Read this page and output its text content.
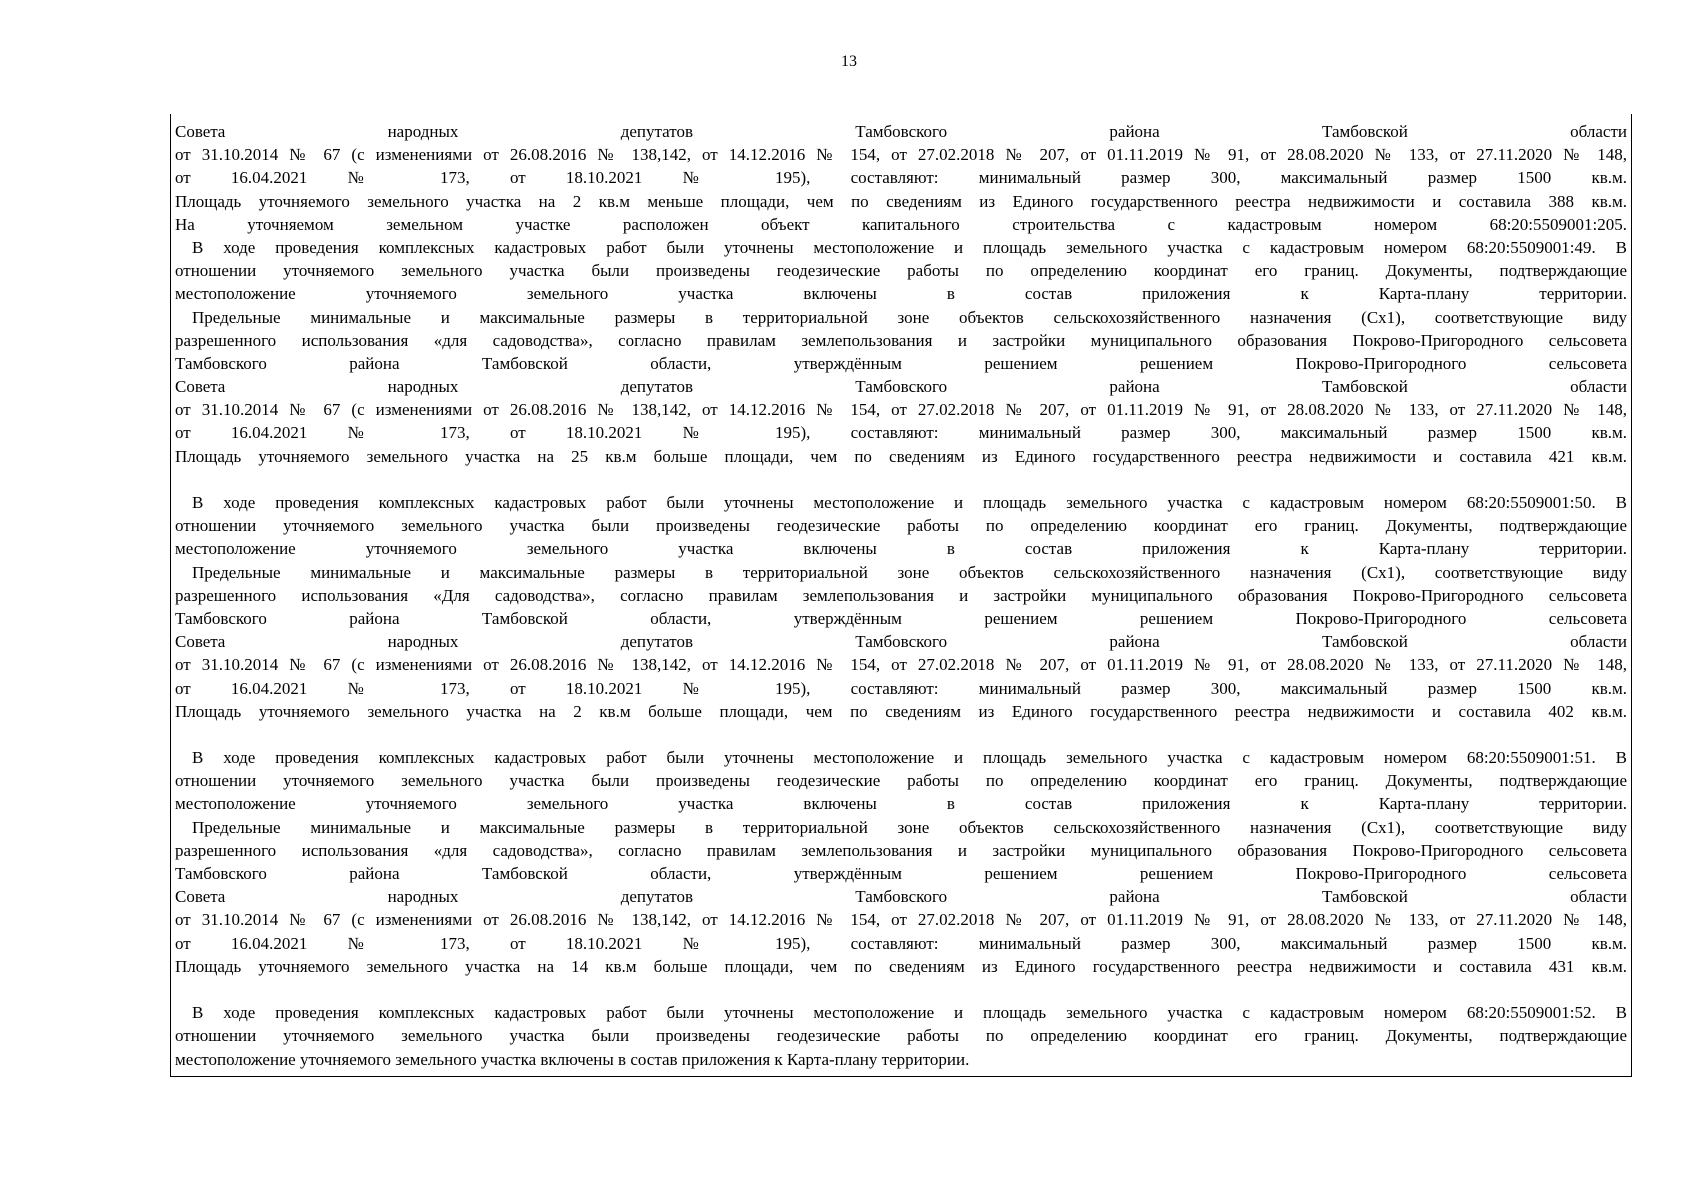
13
Советa народных депутатов Тамбовского района Тамбовской области
от 31.10.2014 № 67 (с изменениями от 26.08.2016 № 138,142, от 14.12.2016 № 154, от 27.02.2018 № 207, от 01.11.2019 № 91, от 28.08.2020 № 133, от 27.11.2020 № 148,
от 16.04.2021 № 173, от 18.10.2021 № 195), составляют: минимальный размер 300, максимальный размер 1500 кв.м.
Площадь уточняемого земельного участка на 2 кв.м меньше площади, чем по сведениям из Единого государственного реестра недвижимости и составила 388 кв.м.
На уточняемом земельном участке расположен объект капитального строительства с кадастровым номером 68:20:5509001:205.
В ходе проведения комплексных кадастровых работ были уточнены местоположение и площадь земельного участка с кадастровым номером 68:20:5509001:49. В
отношении уточняемого земельного участка были произведены геодезические работы по определению координат его границ. Документы, подтверждающие
местоположение уточняемого земельного участка включены в состав приложения к Карта-плану территории.
Предельные минимальные и максимальные размеры в территориальной зоне объектов сельскохозяйственного назначения (Сх1), соответствующие виду
разрешенного использования «для садоводства», согласно правилам землепользования и застройки муниципального образования Покрово-Пригородного сельсовета
Тамбовского района Тамбовской области, утверждённым решением решением Покрово-Пригородного сельсовета
Советa народных депутатов Тамбовского района Тамбовской области
от 31.10.2014 № 67 (с изменениями от 26.08.2016 № 138,142, от 14.12.2016 № 154, от 27.02.2018 № 207, от 01.11.2019 № 91, от 28.08.2020 № 133, от 27.11.2020 № 148,
от 16.04.2021 № 173, от 18.10.2021 № 195), составляют: минимальный размер 300, максимальный размер 1500 кв.м.
Площадь уточняемого земельного участка на 25 кв.м больше площади, чем по сведениям из Единого государственного реестра недвижимости и составила 421 кв.м.
В ходе проведения комплексных кадастровых работ были уточнены местоположение и площадь земельного участка с кадастровым номером 68:20:5509001:50. В
отношении уточняемого земельного участка были произведены геодезические работы по определению координат его границ. Документы, подтверждающие
местоположение уточняемого земельного участка включены в состав приложения к Карта-плану территории.
Предельные минимальные и максимальные размеры в территориальной зоне объектов сельскохозяйственного назначения (Сх1), соответствующие виду
разрешенного использования «Для садоводства», согласно правилам землепользования и застройки муниципального образования Покрово-Пригородного сельсовета
Тамбовского района Тамбовской области, утверждённым решением решением Покрово-Пригородного сельсовета
Советa народных депутатов Тамбовского района Тамбовской области
от 31.10.2014 № 67 (с изменениями от 26.08.2016 № 138,142, от 14.12.2016 № 154, от 27.02.2018 № 207, от 01.11.2019 № 91, от 28.08.2020 № 133, от 27.11.2020 № 148,
от 16.04.2021 № 173, от 18.10.2021 № 195), составляют: минимальный размер 300, максимальный размер 1500 кв.м.
Площадь уточняемого земельного участка на 2 кв.м больше площади, чем по сведениям из Единого государственного реестра недвижимости и составила 402 кв.м.
В ходе проведения комплексных кадастровых работ были уточнены местоположение и площадь земельного участка с кадастровым номером 68:20:5509001:51. В
отношении уточняемого земельного участка были произведены геодезические работы по определению координат его границ. Документы, подтверждающие
местоположение уточняемого земельного участка включены в состав приложения к Карта-плану территории.
Предельные минимальные и максимальные размеры в территориальной зоне объектов сельскохозяйственного назначения (Сх1), соответствующие виду
разрешенного использования «для садоводства», согласно правилам землепользования и застройки муниципального образования Покрово-Пригородного сельсовета
Тамбовского района Тамбовской области, утверждённым решением решением Покрово-Пригородного сельсовета
Советa народных депутатов Тамбовского района Тамбовской области
от 31.10.2014 № 67 (с изменениями от 26.08.2016 № 138,142, от 14.12.2016 № 154, от 27.02.2018 № 207, от 01.11.2019 № 91, от 28.08.2020 № 133, от 27.11.2020 № 148,
от 16.04.2021 № 173, от 18.10.2021 № 195), составляют: минимальный размер 300, максимальный размер 1500 кв.м.
Площадь уточняемого земельного участка на 14 кв.м больше площади, чем по сведениям из Единого государственного реестра недвижимости и составила 431 кв.м.
В ходе проведения комплексных кадастровых работ были уточнены местоположение и площадь земельного участка с кадастровым номером 68:20:5509001:52. В
отношении уточняемого земельного участка были произведены геодезические работы по определению координат его границ. Документы, подтверждающие
местоположение уточняемого земельного участка включены в состав приложения к Карта-плану территории.
